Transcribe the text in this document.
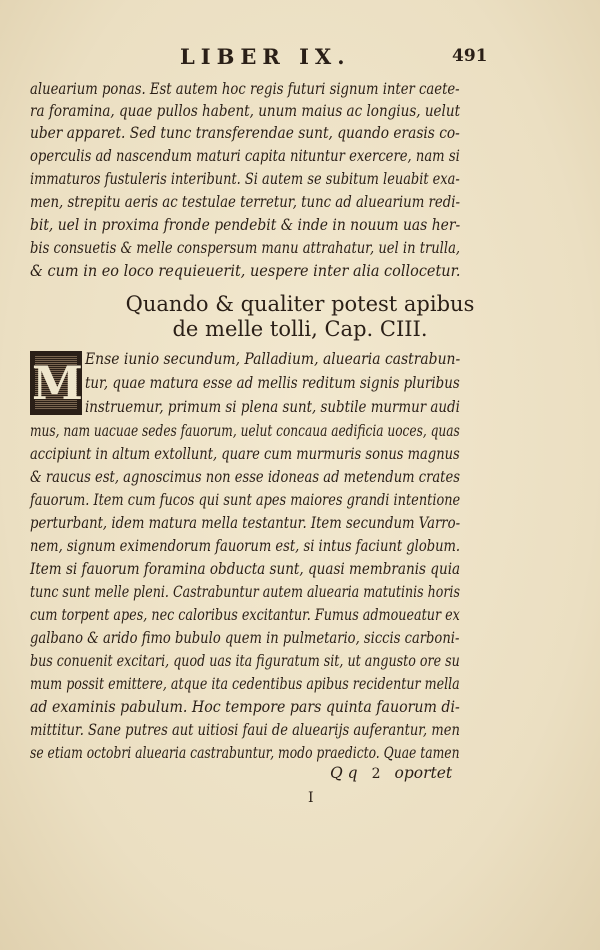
LIBER IX.	491
aluearium ponas. Est autem hoc regis futuri signum inter caete-
ra foramina, quae pullos habent, unum maius ac longius, uelut
uber apparet. Sed tunc transferendae sunt, quando erasis co-
operculis ad nascendum maturi capita nituntur exercere, nam si
immaturos fustuleris interibunt. Si autem se subitum leuabit exa-
men, strepitu aeris ac testulae terretur, tunc ad aluearium redi-
bit, uel in proxima fronde pendebit & inde in nouum uas her-
bis consuetis & melle conspersum manu attrahatur, uel in trulla,
& cum in eo loco requieuerit, uespere inter alia collocetur.
Quando & qualiter potest apibus
de melle tolli, Cap. CIII.
M Ense iunio secundum, Palladium, aluearia castrabun-
tur, quae matura esse ad mellis reditum signis pluribus
instruemur, primum si plena sunt, subtile murmur audi
mus, nam uacuae sedes fauorum, uelut concaua aedificia uoces, quas
accipiunt in altum extollunt, quare cum murmuris sonus magnus
& raucus est, agnoscimus non esse idoneas ad metendum crates
fauorum. Item cum fucos qui sunt apes maiores grandi intentione
perturbant, idem matura mella testantur. Item secundum Varro-
nem, signum eximendorum fauorum est, si intus faciunt globum.
Item si fauorum foramina obducta sunt, quasi membranis quia
tunc sunt melle pleni. Castrabuntur autem aluearia matutinis horis
cum torpent apes, nec caloribus excitantur. Fumus admoueatur ex
galbano & arido fimo bubulo quem in pulmetario, siccis carboni-
bus conuenit excitari, quod uas ita figuratum sit, ut angusto ore su
mum possit emittere, atque ita cedentibus apibus recidentur mella
ad examinis pabulum. Hoc tempore pars quinta fauorum di-
mittitur. Sane putres aut uitiosi faui de aluearijs auferantur, men
se etiam octobri aluearia castrabuntur, modo praedicto. Quae tamen
Q q 2 oportet
I
